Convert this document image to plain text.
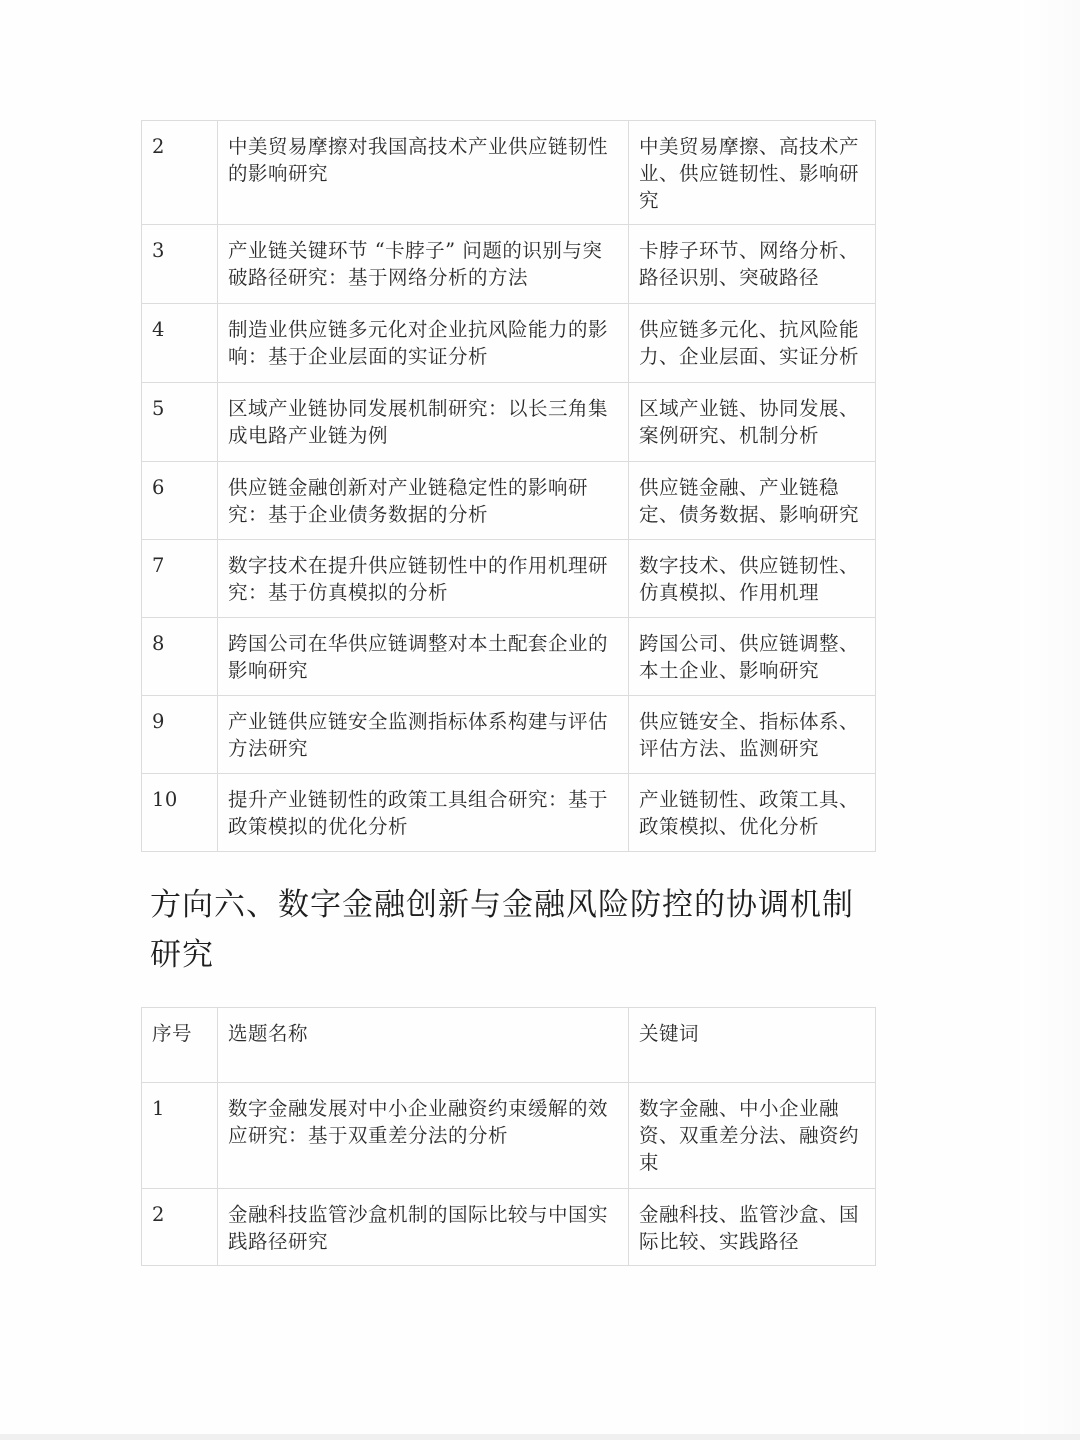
2	中美贸易摩擦对我国高技术产业供应链韧性的影响研究	中美贸易摩擦、高技术产业、供应链韧性、影响研究
3	产业链关键环节 “卡脖子” 问题的识别与突破路径研究：基于网络分析的方法	卡脖子环节、网络分析、路径识别、突破路径
4	制造业供应链多元化对企业抗风险能力的影响：基于企业层面的实证分析	供应链多元化、抗风险能力、企业层面、实证分析
5	区域产业链协同发展机制研究：以长三角集成电路产业链为例	区域产业链、协同发展、案例研究、机制分析
6	供应链金融创新对产业链稳定性的影响研究：基于企业债务数据的分析	供应链金融、产业链稳定、债务数据、影响研究
7	数字技术在提升供应链韧性中的作用机理研究：基于仿真模拟的分析	数字技术、供应链韧性、仿真模拟、作用机理
8	跨国公司在华供应链调整对本土配套企业的影响研究	跨国公司、供应链调整、本土企业、影响研究
9	产业链供应链安全监测指标体系构建与评估方法研究	供应链安全、指标体系、评估方法、监测研究
10	提升产业链韧性的政策工具组合研究：基于政策模拟的优化分析	产业链韧性、政策工具、政策模拟、优化分析
方向六、数字金融创新与金融风险防控的协调机制研究
序号	选题名称	关键词
1	数字金融发展对中小企业融资约束缓解的效应研究：基于双重差分法的分析	数字金融、中小企业融资、双重差分法、融资约束
2	金融科技监管沙盒机制的国际比较与中国实践路径研究	金融科技、监管沙盒、国际比较、实践路径
